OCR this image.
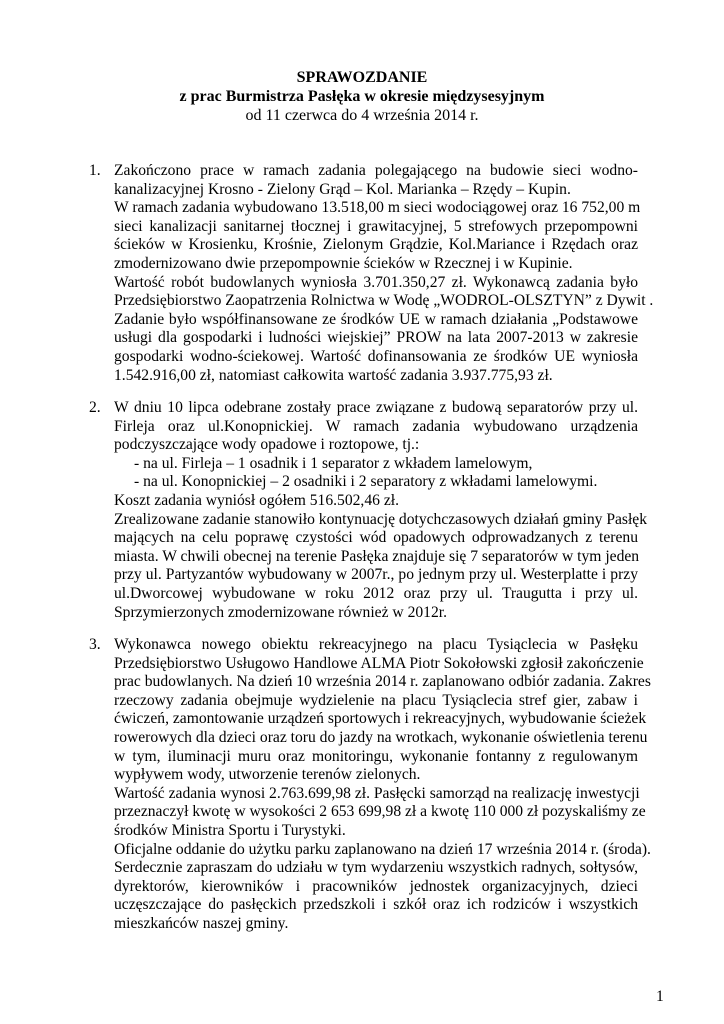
SPRAWOZDANIE
z prac Burmistrza Pasłęka w okresie międzysesyjnym
od 11 czerwca do 4 września 2014 r.
1. Zakończono prace w ramach zadania polegającego na budowie sieci wodno-
kanalizacyjnej Krosno - Zielony Grąd – Kol. Marianka – Rzędy – Kupin.
W ramach zadania wybudowano 13.518,00 m sieci wodociągowej oraz 16 752,00 m
sieci kanalizacji sanitarnej tłocznej i grawitacyjnej, 5 strefowych przepompowni
ścieków w Krosienku, Krośnie, Zielonym Grądzie, Kol.Mariance i Rzędach oraz
zmodernizowano dwie przepompownie ścieków w Rzecznej i w Kupinie.
Wartość robót budowlanych wyniosła 3.701.350,27 zł. Wykonawcą zadania było
Przedsiębiorstwo Zaopatrzenia Rolnictwa w Wodę „WODROL-OLSZTYN” z Dywit .
Zadanie było współfinansowane ze środków UE w ramach działania „Podstawowe
usługi dla gospodarki i ludności wiejskiej” PROW na lata 2007-2013 w zakresie
gospodarki wodno-ściekowej. Wartość dofinansowania ze środków UE wyniosła
1.542.916,00 zł, natomiast całkowita wartość zadania 3.937.775,93 zł.
2. W dniu 10 lipca odebrane zostały prace związane z budową separatorów przy ul.
Firleja oraz ul.Konopnickiej. W ramach zadania wybudowano urządzenia
podczyszczające wody opadowe i roztopowe, tj.:
- na ul. Firleja – 1 osadnik i 1 separator z wkładem lamelowym,
- na ul. Konopnickiej – 2 osadniki i 2 separatory z wkładami lamelowymi.
Koszt zadania wyniósł ogółem 516.502,46 zł.
Zrealizowane zadanie stanowiło kontynuację dotychczasowych działań gminy Pasłęk
mających na celu poprawę czystości wód opadowych odprowadzanych z terenu
miasta. W chwili obecnej na terenie Pasłęka znajduje się 7 separatorów w tym jeden
przy ul. Partyzantów wybudowany w 2007r., po jednym przy ul. Westerplatte i przy
ul.Dworcowej wybudowane w roku 2012 oraz przy ul. Traugutta i przy ul.
Sprzymierzonych zmodernizowane również w 2012r.
3. Wykonawca nowego obiektu rekreacyjnego na placu Tysiąclecia w Pasłęku
Przedsiębiorstwo Usługowo Handlowe ALMA Piotr Sokołowski zgłosił zakończenie
prac budowlanych. Na dzień 10 września 2014 r. zaplanowano odbiór zadania. Zakres
rzeczowy zadania obejmuje wydzielenie na placu Tysiąclecia stref gier, zabaw i
ćwiczeń, zamontowanie urządzeń sportowych i rekreacyjnych, wybudowanie ścieżek
rowerowych dla dzieci oraz toru do jazdy na wrotkach, wykonanie oświetlenia terenu
w tym, iluminacji muru oraz monitoringu, wykonanie fontanny z regulowanym
wypływem wody, utworzenie terenów zielonych.
Wartość zadania wynosi 2.763.699,98 zł. Pasłęcki samorząd na realizację inwestycji
przeznaczył kwotę w wysokości 2 653 699,98 zł a kwotę 110 000 zł pozyskaliśmy ze
środków Ministra Sportu i Turystyki.
Oficjalne oddanie do użytku parku zaplanowano na dzień 17 września 2014 r. (środa).
Serdecznie zapraszam do udziału w tym wydarzeniu wszystkich radnych, sołtysów,
dyrektorów, kierowników i pracowników jednostek organizacyjnych, dzieci
uczęszczające do pasłęckich przedszkoli i szkół oraz ich rodziców i wszystkich
mieszkańców naszej gminy.
1
